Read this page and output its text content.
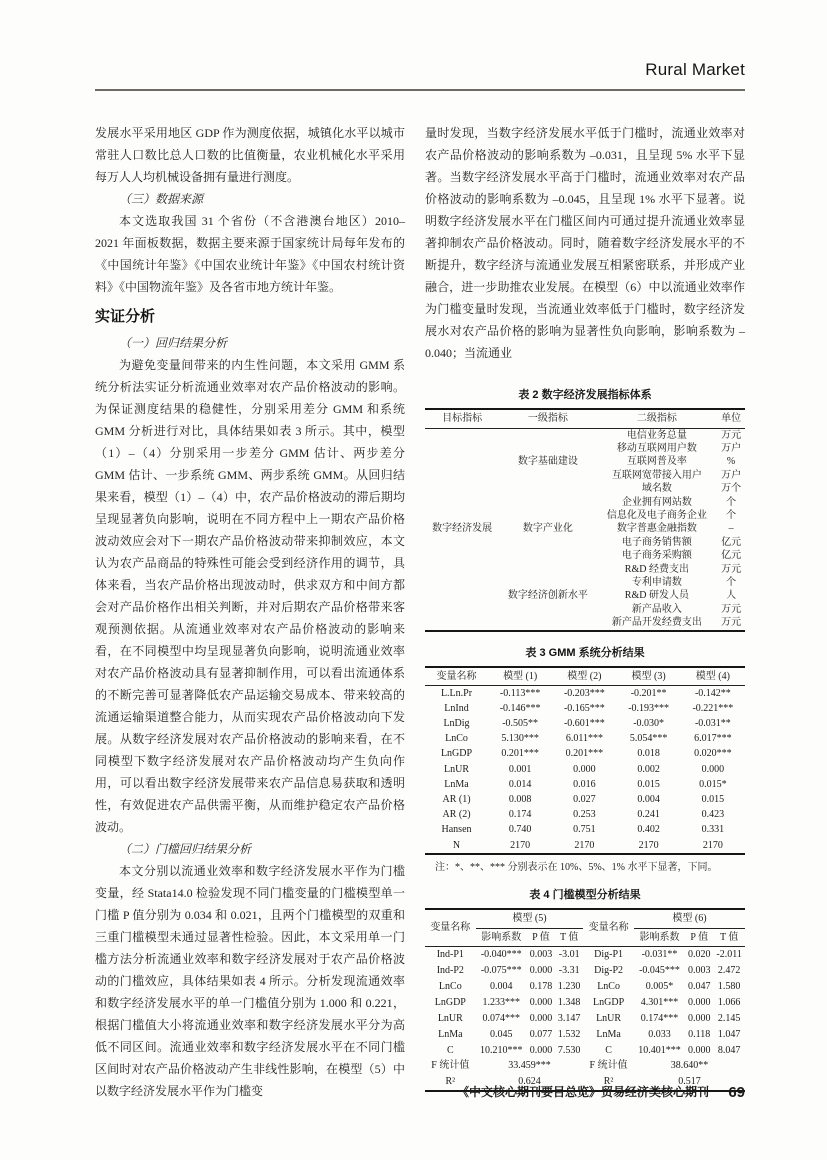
Rural Market

发展水平采用地区 GDP 作为测度依据，城镇化水平以城市常驻人口数比总人口数的比值衡量，农业机械化水平采用每万人人均机械设备拥有量进行测度。

（三）数据来源

本文选取我国 31 个省份（不含港澳台地区）2010–2021 年面板数据，数据主要来源于国家统计局每年发布的《中国统计年鉴》《中国农业统计年鉴》《中国农村统计资料》《中国物流年鉴》及各省市地方统计年鉴。

实证分析

（一）回归结果分析

为避免变量间带来的内生性问题，本文采用 GMM 系统分析法实证分析流通业效率对农产品价格波动的影响。为保证测度结果的稳健性，分别采用差分 GMM 和系统 GMM 分析进行对比，具体结果如表 3 所示。其中，模型（1）–（4）分别采用一步差分 GMM 估计、两步差分 GMM 估计、一步系统 GMM、两步系统 GMM。从回归结果来看，模型（1）–（4）中，农产品价格波动的滞后期均呈现显著负向影响，说明在不同方程中上一期农产品价格波动效应会对下一期农产品价格波动带来抑制效应，本文认为农产品商品的特殊性可能会受到经济作用的调节，具体来看，当农产品价格出现波动时，供求双方和中间方都会对产品价格作出相关判断，并对后期农产品价格带来客观预测依据。从流通业效率对农产品价格波动的影响来看，在不同模型中均呈现显著负向影响，说明流通业效率对农产品价格波动具有显著抑制作用，可以看出流通体系的不断完善可显著降低农产品运输交易成本、带来较高的流通运输渠道整合能力，从而实现农产品价格波动向下发展。从数字经济发展对农产品价格波动的影响来看，在不同模型下数字经济发展对农产品价格波动均产生负向作用，可以看出数字经济发展带来农产品信息易获取和透明性，有效促进农产品供需平衡，从而维护稳定农产品价格波动。

（二）门槛回归结果分析

本文分别以流通业效率和数字经济发展水平作为门槛变量，经 Stata14.0 检验发现不同门槛变量的门槛模型单一门槛 P 值分别为 0.034 和 0.021，且两个门槛模型的双重和三重门槛模型未通过显著性检验。因此，本文采用单一门槛方法分析流通业效率和数字经济发展对于农产品价格波动的门槛效应，具体结果如表 4 所示。分析发现流通效率和数字经济发展水平的单一门槛值分别为 1.000 和 0.221，根据门槛值大小将流通业效率和数字经济发展水平分为高低不同区间。流通业效率和数字经济发展水平在不同门槛区间时对农产品价格波动产生非线性影响，在模型（5）中以数字经济发展水平作为门槛变

量时发现，当数字经济发展水平低于门槛时，流通业效率对农产品价格波动的影响系数为 –0.031，且呈现 5% 水平下显著。当数字经济发展水平高于门槛时，流通业效率对农产品价格波动的影响系数为 –0.045，且呈现 1% 水平下显著。说明数字经济发展水平在门槛区间内可通过提升流通业效率显著抑制农产品价格波动。同时，随着数字经济发展水平的不断提升，数字经济与流通业发展互相紧密联系，并形成产业融合，进一步助推农业发展。在模型（6）中以流通业效率作为门槛变量时发现，当流通业效率低于门槛时，数字经济发展水对农产品价格的影响为显著性负向影响，影响系数为 –0.040；当流通业

表 2 数字经济发展指标体系
目标指标	一级指标	二级指标	单位
数字经济发展	数字基础建设	电信业务总量	万元
		移动互联网用户数	万户
		互联网普及率	%
		互联网宽带接入用户	万户
		域名数	万个
	数字产业化	企业拥有网站数	个
		信息化及电子商务企业	个
		数字普惠金融指数	–
		电子商务销售额	亿元
		电子商务采购额	亿元
	数字经济创新水平	R&D 经费支出	万元
		专利申请数	个
		R&D 研发人员	人
		新产品收入	万元
		新产品开发经费支出	万元
表 3 GMM 系统分析结果
变量名称	模型 (1)	模型 (2)	模型 (3)	模型 (4)
L.Ln.Pr	-0.113***	-0.203***	-0.201**	-0.142**
LnInd	-0.146***	-0.165***	-0.193***	-0.221***
LnDig	-0.505**	-0.601***	-0.030*	-0.031**
LnCo	5.130***	6.011***	5.054***	6.017***
LnGDP	0.201***	0.201***	0.018	0.020***
LnUR	0.001	0.000	0.002	0.000
LnMa	0.014	0.016	0.015	0.015*
AR (1)	0.008	0.027	0.004	0.015
AR (2)	0.174	0.253	0.241	0.423
Hansen	0.740	0.751	0.402	0.331
N	2170	2170	2170	2170
注：*、**、*** 分别表示在 10%、5%、1% 水平下显著，下同。
表 4 门槛模型分析结果
变量名称	模型 (5)			变量名称	模型 (6)		
	影响系数	P 值	T 值		影响系数	P 值	T 值
Ind-P1	-0.040***	0.003	-3.01	Dig-P1	-0.031**	0.020	-2.011
Ind-P2	-0.075***	0.000	-3.31	Dig-P2	-0.045***	0.003	2.472
LnCo	0.004	0.178	1.230	LnCo	0.005*	0.047	1.580
LnGDP	1.233***	0.000	1.348	LnGDP	4.301***	0.000	1.066
LnUR	0.074***	0.000	3.147	LnUR	0.174***	0.000	2.145
LnMa	0.045	0.077	1.532	LnMa	0.033	0.118	1.047
C	10.210***	0.000	7.530	C	10.401***	0.000	8.047
F 统计值	33.459***			F 统计值	38.640**		
R²	0.624			R²	0.517		
《中文核心期刊要目总览》贸易经济类核心期刊 69
